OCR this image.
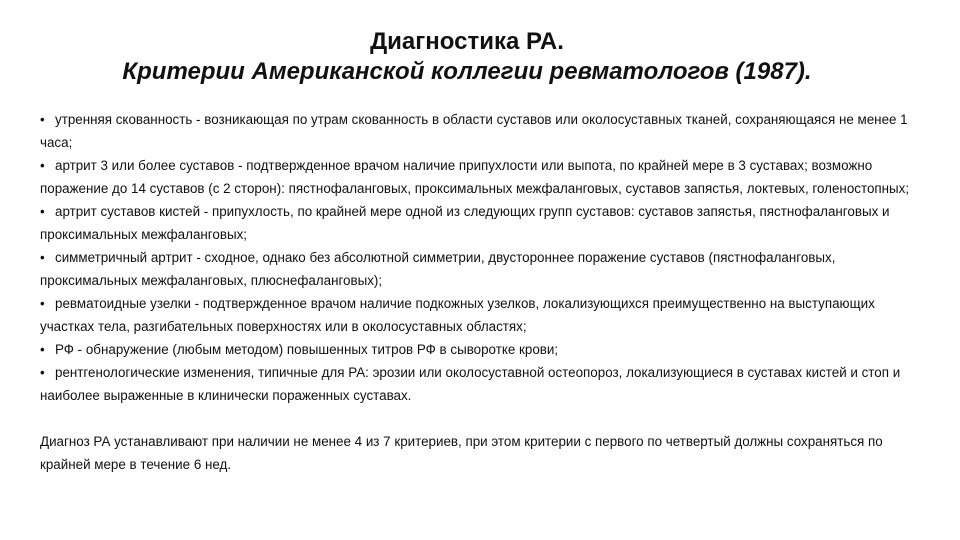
Диагностика РА.
Критерии Американской коллегии ревматологов (1987).
• утренняя скованность - возникающая по утрам скованность в области суставов или околосуставных тканей, сохраняющаяся не менее 1 часа;
• артрит 3 или более суставов - подтвержденное врачом наличие припухлости или выпота, по крайней мере в 3 суставах; возможно поражение до 14 суставов (с 2 сторон): пястнофаланговых, проксимальных межфаланговых, суставов запястья, локтевых, голеностопных;
• артрит суставов кистей - припухлость, по крайней мере одной из следующих групп суставов: суставов запястья, пястнофаланговых и проксимальных межфаланговых;
• симметричный артрит - сходное, однако без абсолютной симметрии, двустороннее поражение суставов (пястнофаланговых, проксимальных межфаланговых, плюснефаланговых);
• ревматоидные узелки - подтвержденное врачом наличие подкожных узелков, локализующихся преимущественно на выступающих участках тела, разгибательных поверхностях или в околосуставных областях;
• РФ - обнаружение (любым методом) повышенных титров РФ в сыворотке крови;
• рентгенологические изменения, типичные для РА: эрозии или околосуставной остеопороз, локализующиеся в суставах кистей и стоп и наиболее выраженные в клинически пораженных суставах.

Диагноз РА устанавливают при наличии не менее 4 из 7 критериев, при этом критерии с первого по четвертый должны сохраняться по крайней мере в течение 6 нед.
